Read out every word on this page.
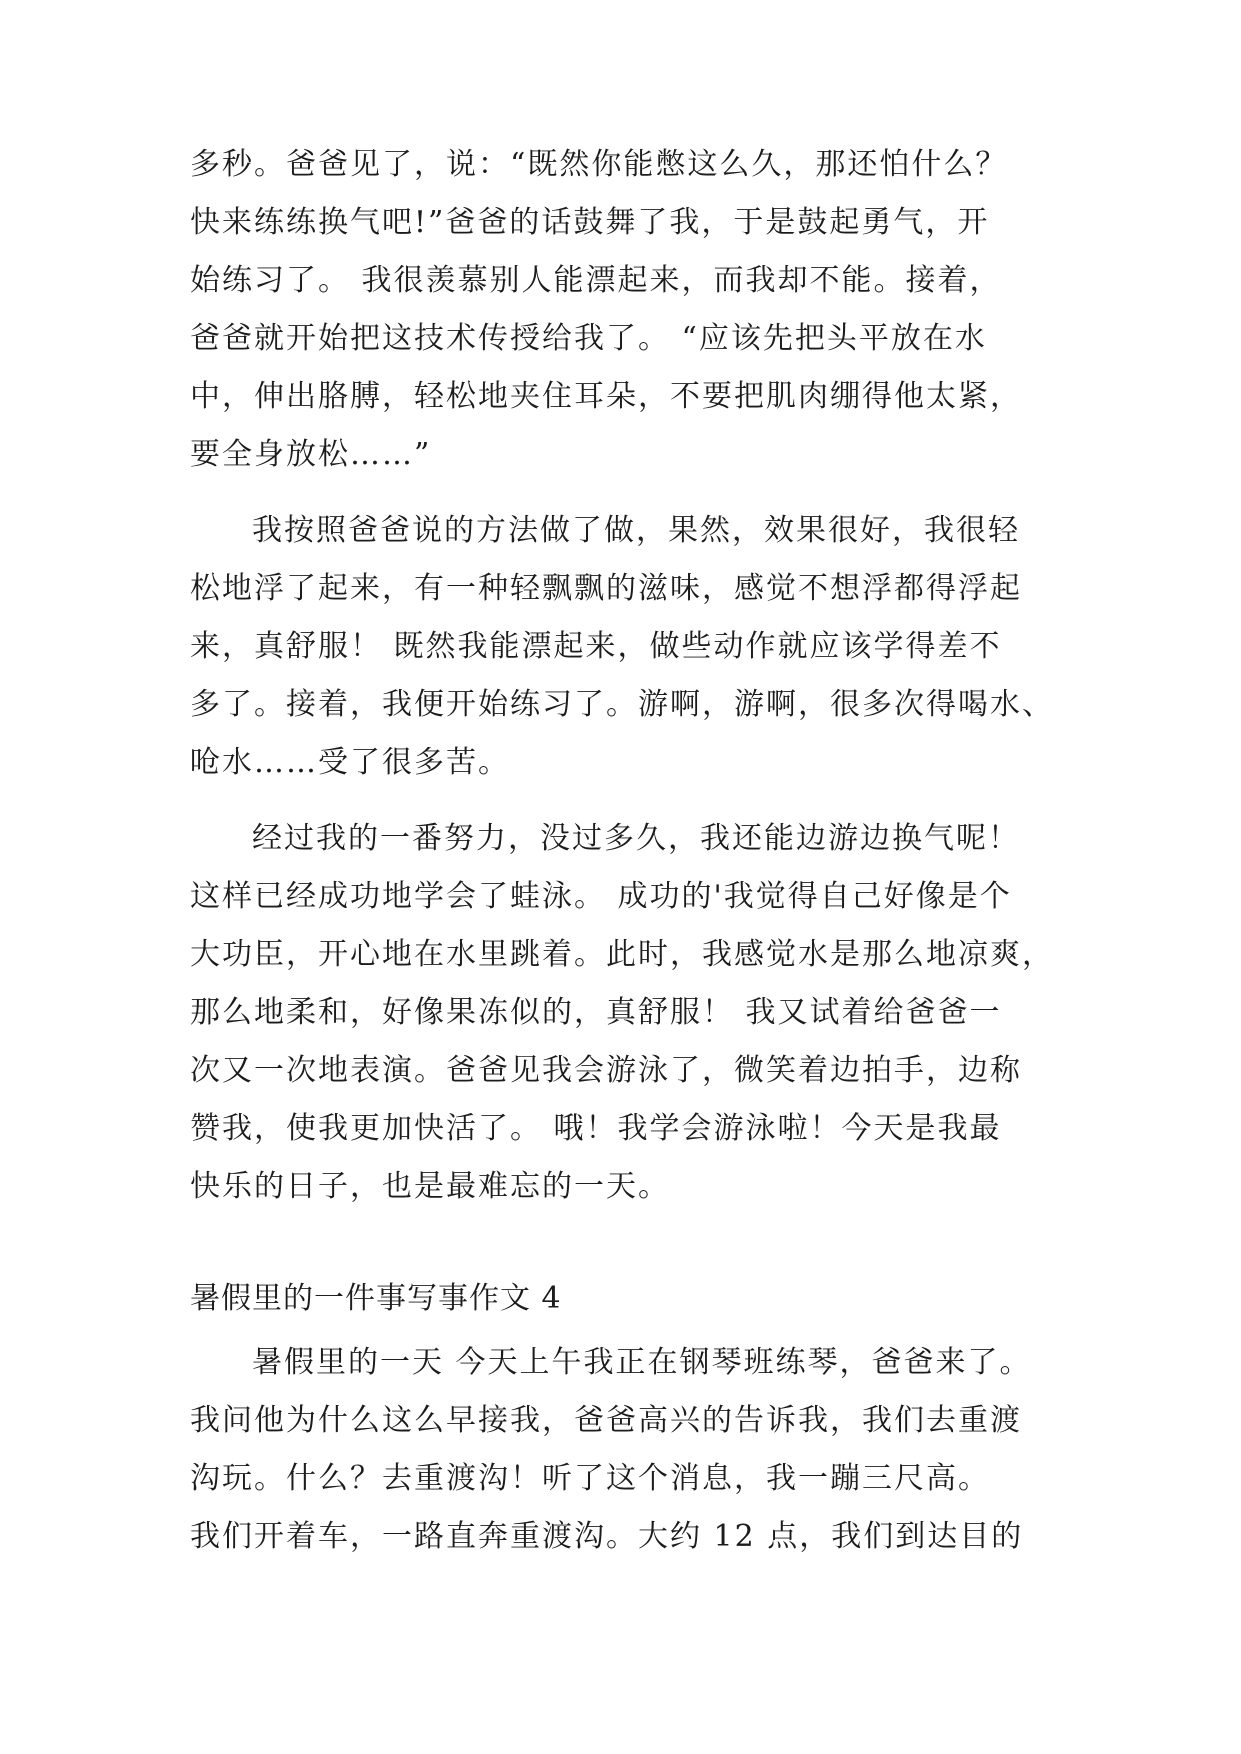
多秒。爸爸见了，说：“既然你能憋这么久，那还怕什么？
快来练练换气吧!”爸爸的话鼓舞了我，于是鼓起勇气，开
始练习了。 我很羡慕别人能漂起来，而我却不能。接着，
爸爸就开始把这技术传授给我了。 “应该先把头平放在水
中，伸出胳膊，轻松地夹住耳朵，不要把肌肉绷得他太紧，
要全身放松……”
我按照爸爸说的方法做了做，果然，效果很好，我很轻
松地浮了起来，有一种轻飘飘的滋味，感觉不想浮都得浮起
来，真舒服！ 既然我能漂起来，做些动作就应该学得差不
多了。接着，我便开始练习了。游啊，游啊，很多次得喝水、
呛水……受了很多苦。
经过我的一番努力，没过多久，我还能边游边换气呢！
这样已经成功地学会了蛙泳。 成功的'我觉得自己好像是个
大功臣，开心地在水里跳着。此时，我感觉水是那么地凉爽，
那么地柔和，好像果冻似的，真舒服！ 我又试着给爸爸一
次又一次地表演。爸爸见我会游泳了，微笑着边拍手，边称
赞我，使我更加快活了。 哦！我学会游泳啦！今天是我最
快乐的日子，也是最难忘的一天。
暑假里的一件事写事作文 4
暑假里的一天 今天上午我正在钢琴班练琴，爸爸来了。
我问他为什么这么早接我，爸爸高兴的告诉我，我们去重渡
沟玩。什么？去重渡沟！听了这个消息，我一蹦三尺高。
我们开着车，一路直奔重渡沟。大约 12 点，我们到达目的
